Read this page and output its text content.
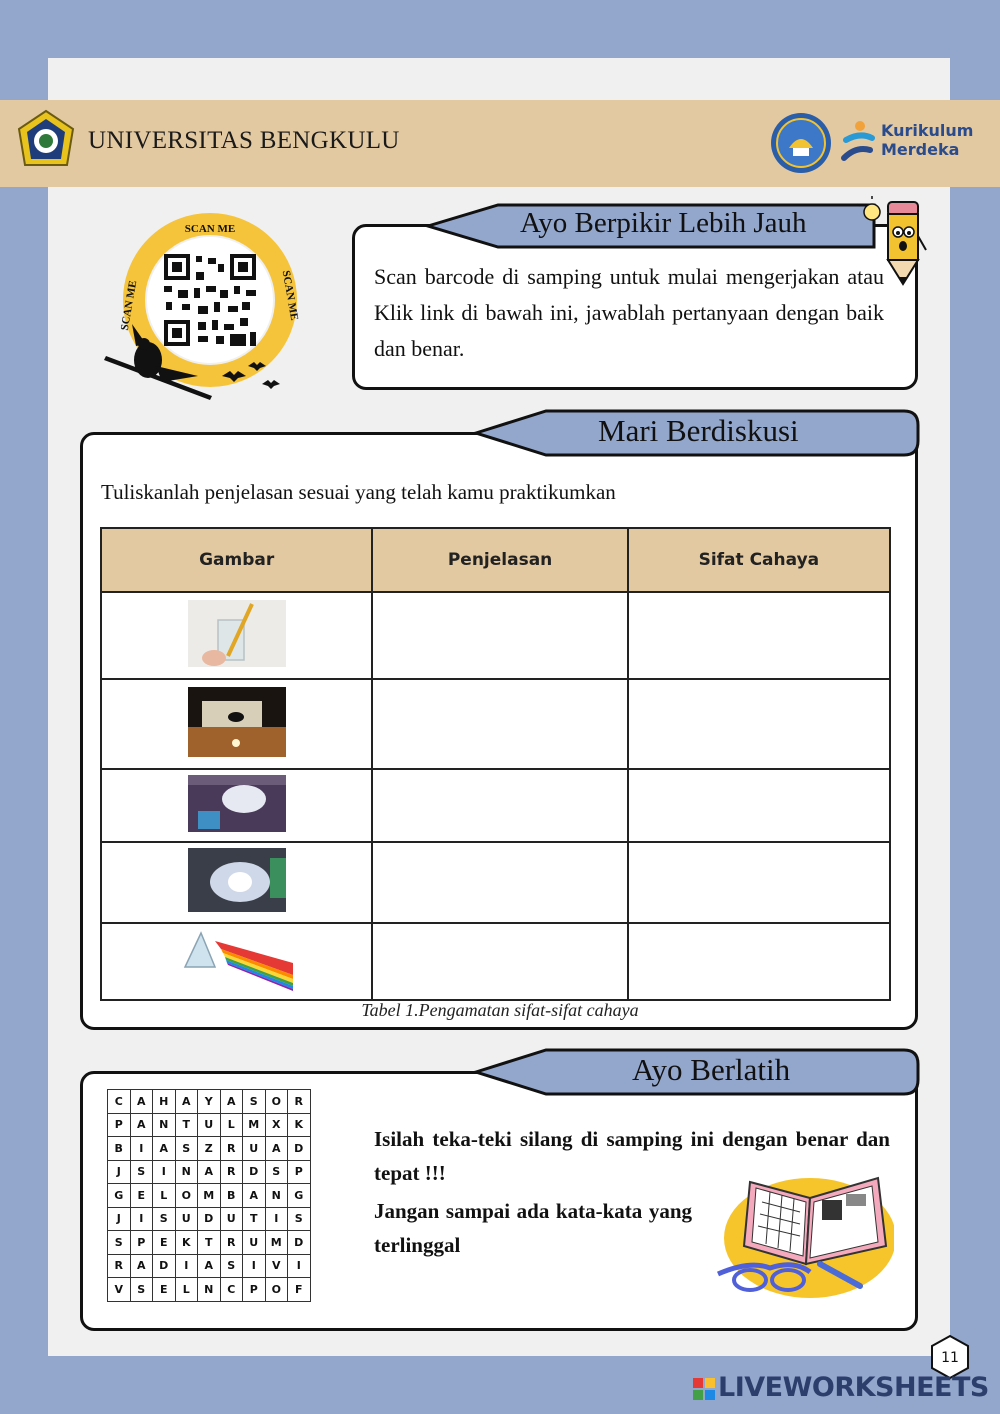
UNIVERSITAS BENGKULU	Kurikulum
Merdeka
SCAN ME
SCAN ME	SCAN ME
Ayo Berpikir Lebih Jauh
Scan barcode di samping untuk mulai mengerjakan atau Klik link di bawah ini, jawablah pertanyaan dengan baik dan benar.
Mari Berdiskusi
Tuliskanlah penjelasan sesuai yang telah kamu praktikumkan
Gambar	Penjelasan	Sifat Cahaya

Tabel 1.Pengamatan sifat-sifat cahaya
Ayo Berlatih
C	A	H	A	Y	A	S	O	R
P	A	N	T	U	L	M	X	K
B	I	A	S	Z	R	U	A	D
J	S	I	N	A	R	D	S	P
G	E	L	O	M	B	A	N	G
J	I	S	U	D	U	T	I	S
S	P	E	K	T	R	U	M	D
R	A	D	I	A	S	I	V	I
V	S	E	L	N	C	P	O	F
Isilah teka-teki silang di samping ini dengan benar dan tepat !!!
Jangan sampai ada kata-kata yang terlinggal
11
LIVEWORKSHEETS
